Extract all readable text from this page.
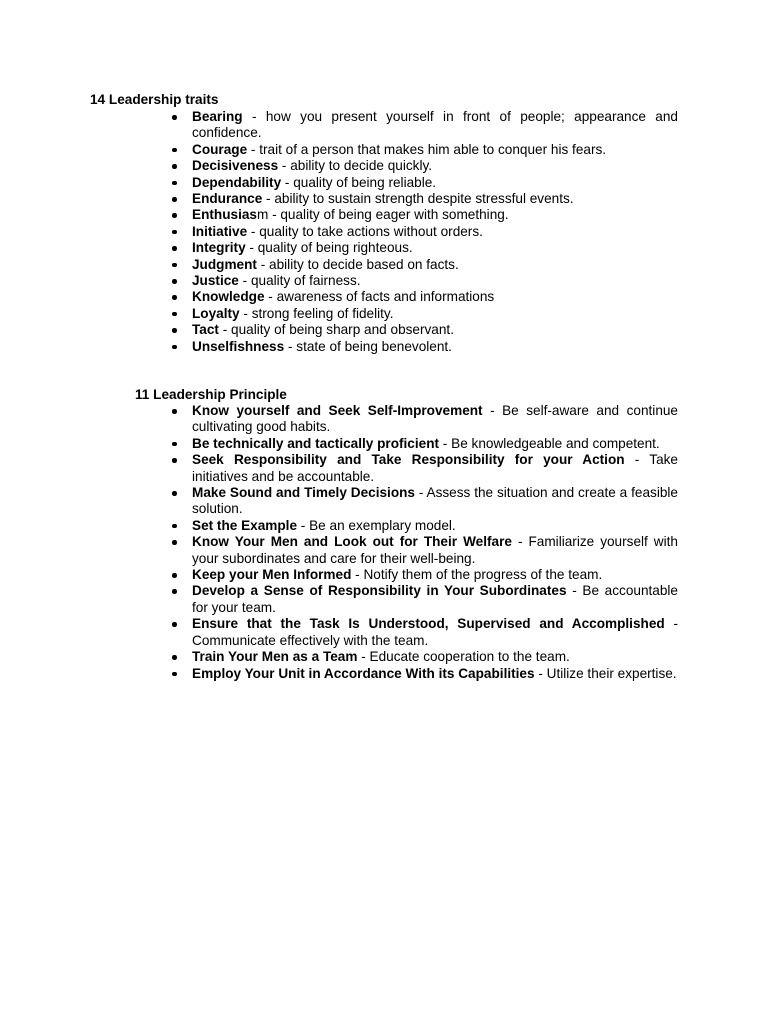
14 Leadership traits
Bearing - how you present yourself in front of people; appearance and confidence.
Courage - trait of a person that makes him able to conquer his fears.
Decisiveness - ability to decide quickly.
Dependability - quality of being reliable.
Endurance - ability to sustain strength despite stressful events.
Enthusiasm - quality of being eager with something.
Initiative - quality to take actions without orders.
Integrity - quality of being righteous.
Judgment - ability to decide based on facts.
Justice - quality of fairness.
Knowledge - awareness of facts and informations
Loyalty - strong feeling of fidelity.
Tact - quality of being sharp and observant.
Unselfishness - state of being benevolent.
11 Leadership Principle
Know yourself and Seek Self-Improvement - Be self-aware and continue cultivating good habits.
Be technically and tactically proficient - Be knowledgeable and competent.
Seek Responsibility and Take Responsibility for your Action - Take initiatives and be accountable.
Make Sound and Timely Decisions - Assess the situation and create a feasible solution.
Set the Example - Be an exemplary model.
Know Your Men and Look out for Their Welfare - Familiarize yourself with your subordinates and care for their well-being.
Keep your Men Informed - Notify them of the progress of the team.
Develop a Sense of Responsibility in Your Subordinates - Be accountable for your team.
Ensure that the Task Is Understood, Supervised and Accomplished - Communicate effectively with the team.
Train Your Men as a Team - Educate cooperation to the team.
Employ Your Unit in Accordance With its Capabilities - Utilize their expertise.
